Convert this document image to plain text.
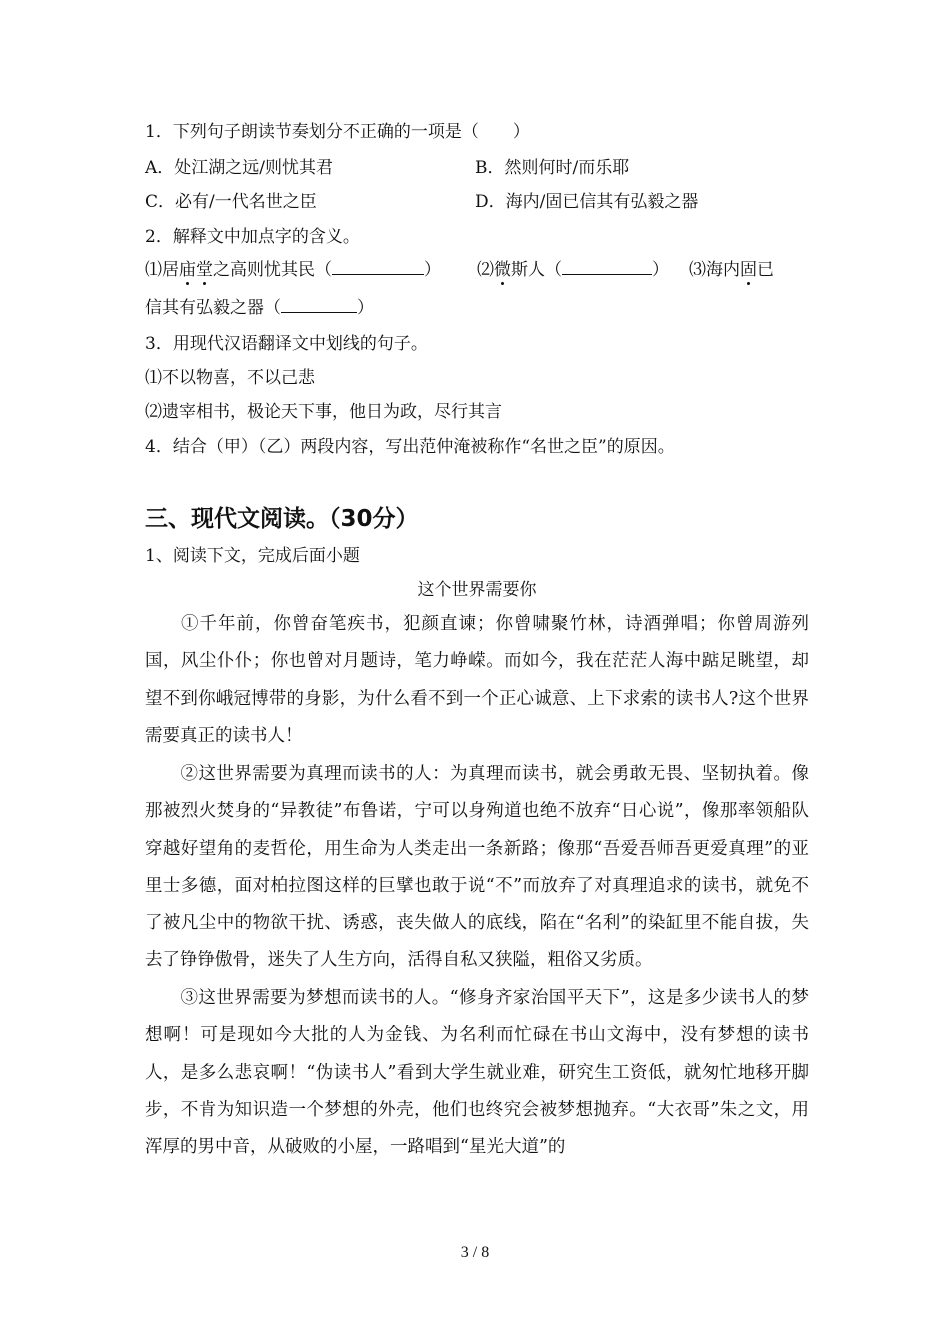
1．下列句子朗读节奏划分不正确的一项是（　　）
A．处江湖之远/则忧其君	B．然则何时/而乐耶
C．必有/一代名世之臣	D．海内/固已信其有弘毅之器
2．解释文中加点字的含义。
⑴居庙堂之高则忧其民（	） ⑵微斯人（	） ⑶海内固已
信其有弘毅之器（	）
3．用现代汉语翻译文中划线的句子。
⑴不以物喜，不以己悲
⑵遗宰相书，极论天下事，他日为政，尽行其言
4．结合（甲）（乙）两段内容，写出范仲淹被称作“名世之臣”的原因。
三、现代文阅读。（30分）
1、阅读下文，完成后面小题
这个世界需要你
①千年前，你曾奋笔疾书，犯颜直谏；你曾啸聚竹林，诗酒弹唱；你曾周游列国，风尘仆仆；你也曾对月题诗，笔力峥嵘。而如今，我在茫茫人海中踮足眺望，却望不到你峨冠博带的身影，为什么看不到一个正心诚意、上下求索的读书人?这个世界需要真正的读书人！
②这世界需要为真理而读书的人：为真理而读书，就会勇敢无畏、坚韧执着。像那被烈火焚身的“异教徒”布鲁诺，宁可以身殉道也绝不放弃“日心说”，像那率领船队穿越好望角的麦哲伦，用生命为人类走出一条新路；像那“吾爱吾师吾更爱真理”的亚里士多德，面对柏拉图这样的巨擘也敢于说“不”而放弃了对真理追求的读书，就免不了被凡尘中的物欲干扰、诱惑，丧失做人的底线，陷在“名利”的染缸里不能自拔，失去了铮铮傲骨，迷失了人生方向，活得自私又狭隘，粗俗又劣质。
③这世界需要为梦想而读书的人。“修身齐家治国平天下”，这是多少读书人的梦想啊！可是现如今大批的人为金钱、为名利而忙碌在书山文海中，没有梦想的读书人，是多么悲哀啊！“伪读书人”看到大学生就业难，研究生工资低，就匆忙地移开脚步，不肯为知识造一个梦想的外壳，他们也终究会被梦想抛弃。“大衣哥”朱之文，用浑厚的男中音，从破败的小屋，一路唱到“星光大道”的
3 / 8
